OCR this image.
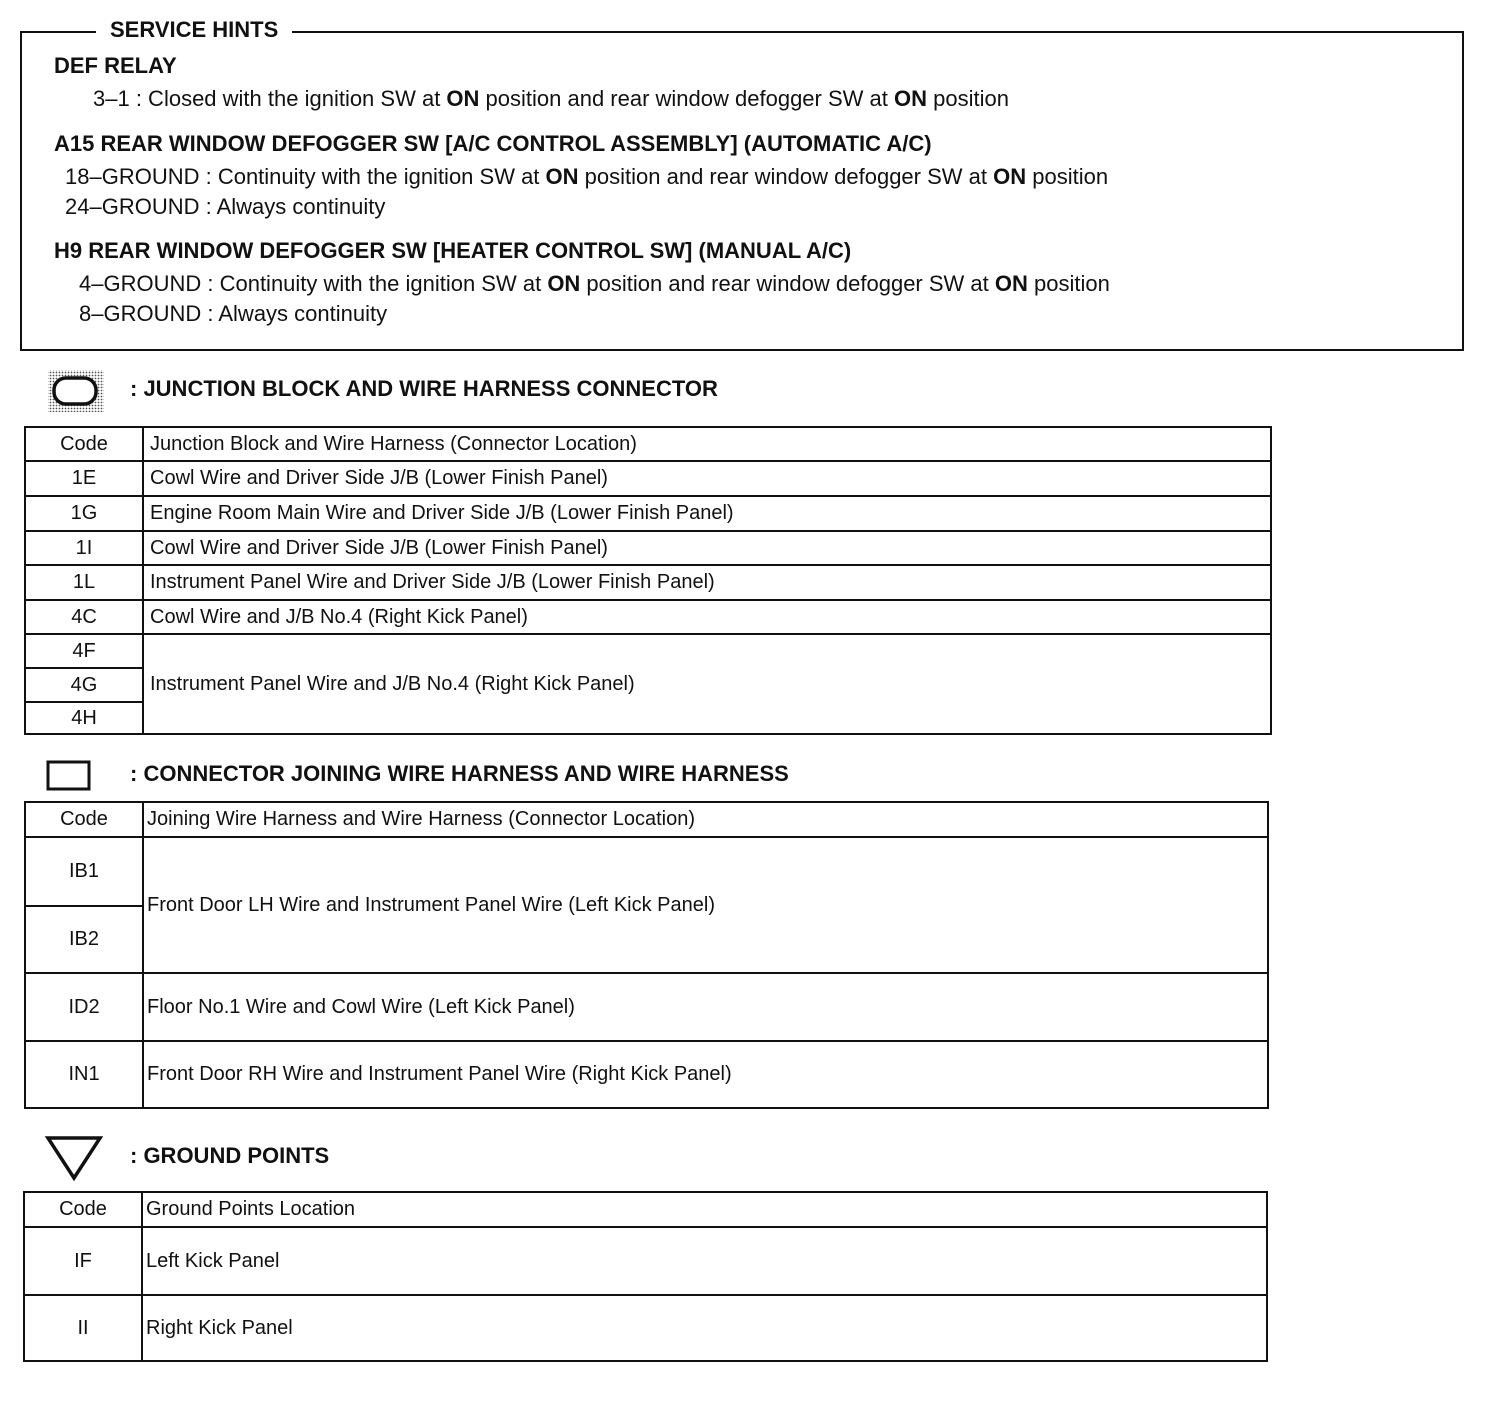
SERVICE HINTS
DEF RELAY
3–1 : Closed with the ignition SW at ON position and rear window defogger SW at ON position
A15 REAR WINDOW DEFOGGER SW [A/C CONTROL ASSEMBLY] (AUTOMATIC A/C)
18–GROUND : Continuity with the ignition SW at ON position and rear window defogger SW at ON position
24–GROUND : Always continuity
H9 REAR WINDOW DEFOGGER SW [HEATER CONTROL SW] (MANUAL A/C)
4–GROUND : Continuity with the ignition SW at ON position and rear window defogger SW at ON position
8–GROUND : Always continuity
: JUNCTION BLOCK AND WIRE HARNESS CONNECTOR
Code	Junction Block and Wire Harness (Connector Location)
1E	Cowl Wire and Driver Side J/B (Lower Finish Panel)
1G	Engine Room Main Wire and Driver Side J/B (Lower Finish Panel)
1I	Cowl Wire and Driver Side J/B (Lower Finish Panel)
1L	Instrument Panel Wire and Driver Side J/B (Lower Finish Panel)
4C	Cowl Wire and J/B No.4 (Right Kick Panel)
4F	Instrument Panel Wire and J/B No.4 (Right Kick Panel)
4G	
4H	
: CONNECTOR JOINING WIRE HARNESS AND WIRE HARNESS
Code	Joining Wire Harness and Wire Harness (Connector Location)
IB1	Front Door LH Wire and Instrument Panel Wire (Left Kick Panel)
IB2	
ID2	Floor No.1 Wire and Cowl Wire (Left Kick Panel)
IN1	Front Door RH Wire and Instrument Panel Wire (Right Kick Panel)
: GROUND POINTS
Code	Ground Points Location
IF	Left Kick Panel
II	Right Kick Panel
